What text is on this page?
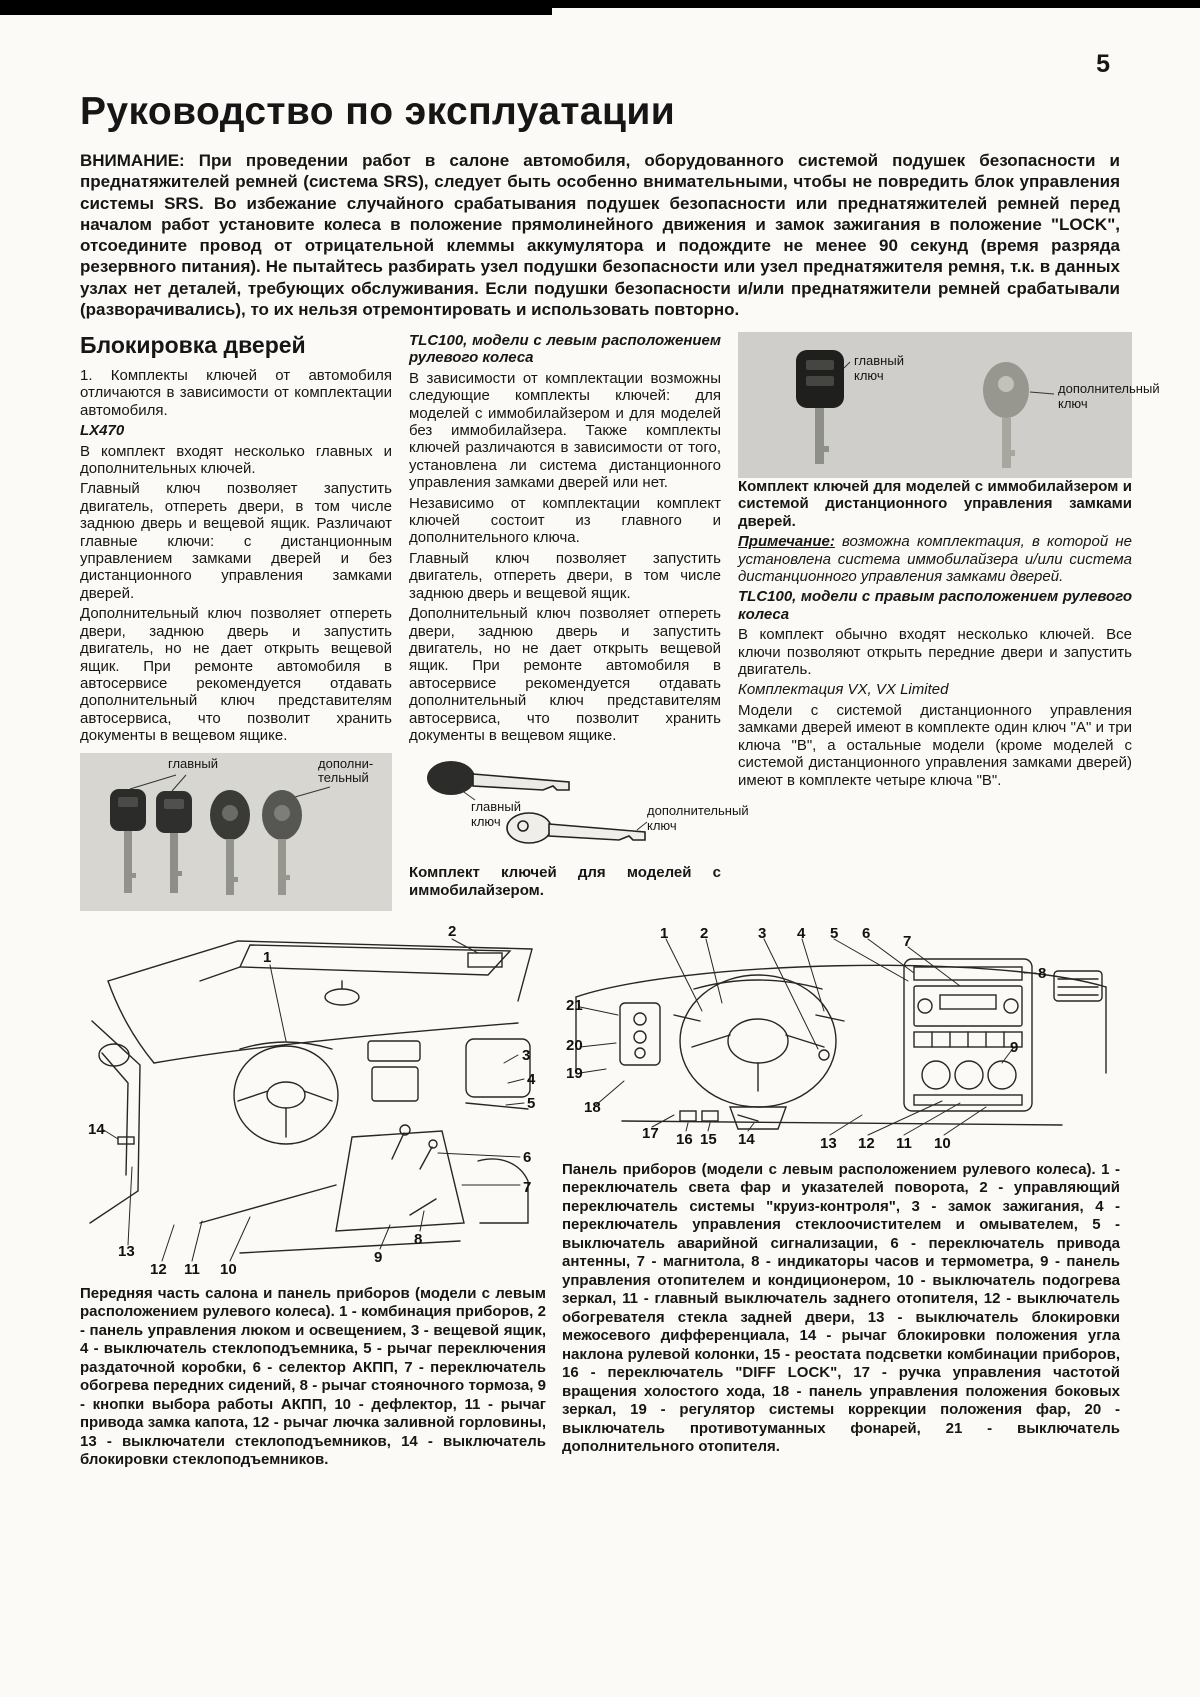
5
Руководство по эксплуатации

ВНИМАНИЕ: При проведении работ в салоне автомобиля, оборудованного системой подушек безопасности и преднатяжителей ремней (система SRS), следует быть особенно внимательными, чтобы не повредить блок управления системы SRS. Во избежание случайного срабатывания подушек безопасности или преднатяжителей ремней перед началом работ установите колеса в положение прямолинейного движения и замок зажигания в положение "LOCK", отсоедините провод от отрицательной клеммы аккумулятора и подождите не менее 90 секунд (время разряда резервного питания). Не пытайтесь разбирать узел подушки безопасности или узел преднатяжителя ремня, т.к. в данных узлах нет деталей, требующих обслуживания. Если подушки безопасности и/или преднатяжители ремней срабатывали (разворачивались), то их нельзя отремонтировать и использовать повторно.

Блокировка дверей

1. Комплекты ключей от автомобиля отличаются в зависимости от комплектации автомобиля.

LX470

В комплект входят несколько главных и дополнительных ключей.

Главный ключ позволяет запустить двигатель, отпереть двери, в том числе заднюю дверь и вещевой ящик. Различают главные ключи: с дистанционным управлением замками дверей и без дистанционного управления замками дверей.

Дополнительный ключ позволяет отпереть двери, заднюю дверь и запустить двигатель, но не дает открыть вещевой ящик. При ремонте автомобиля в автосервисе рекомендуется отдавать дополнительный ключ представителям автосервиса, что позволит хранить документы в вещевом ящике.

главный	дополни-тельный

TLC100, модели с левым расположением рулевого колеса

В зависимости от комплектации возможны следующие комплекты ключей: для моделей с иммобилайзером и для моделей без иммобилайзера. Также комплекты ключей различаются в зависимости от того, установлена ли система дистанционного управления замками дверей или нет.

Независимо от комплектации комплект ключей состоит из главного и дополнительного ключа.

Главный ключ позволяет запустить двигатель, отпереть двери, в том числе заднюю дверь и вещевой ящик.

Дополнительный ключ позволяет отпереть двери, заднюю дверь и запустить двигатель, но не дает открыть вещевой ящик. При ремонте автомобиля в автосервисе рекомендуется отдавать дополнительный ключ представителям автосервиса, что позволит хранить документы в вещевом ящике.

главный ключ
дополнительный ключ

Комплект ключей для моделей с иммобилайзером.

главный ключ
дополнительный ключ

Комплект ключей для моделей с иммобилайзером и системой дистанционного управления замками дверей.

Примечание: возможна комплектация, в которой не установлена система иммобилайзера и/или система дистанционного управления замками дверей.

TLC100, модели с правым расположением рулевого колеса

В комплект обычно входят несколько ключей. Все ключи позволяют открыть передние двери и запустить двигатель.

Комплектация VX, VX Limited

Модели с системой дистанционного управления замками дверей имеют в комплекте один ключ "А" и три ключа "В", а остальные модели (кроме моделей с системой дистанционного управления замками дверей) имеют в комплекте четыре ключа "В".

1
2
3
4
5
6
7
8
9
10
11
12
13
14
Передняя часть салона и панель приборов (модели с левым расположением рулевого колеса). 1 - комбинация приборов, 2 - панель управления люком и освещением, 3 - вещевой ящик, 4 - выключатель стеклоподъемника, 5 - рычаг переключения раздаточной коробки, 6 - селектор АКПП, 7 - переключатель обогрева передних сидений, 8 - рычаг стояночного тормоза, 9 - кнопки выбора работы АКПП, 10 - дефлектор, 11 - рычаг привода замка капота, 12 - рычаг лючка заливной горловины, 13 - выключатели стеклоподъемников, 14 - выключатель блокировки стеклоподъемников.
1 2	3 4 5 6 7
8
9
10
11
12
13
14
15
16
17
18
19
20
21
Панель приборов (модели с левым расположением рулевого колеса). 1 - переключатель света фар и указателей поворота, 2 - управляющий переключатель системы "круиз-контроля", 3 - замок зажигания, 4 - переключатель управления стеклоочистителем и омывателем, 5 - выключатель аварийной сигнализации, 6 - переключатель привода антенны, 7 - магнитола, 8 - индикаторы часов и термометра, 9 - панель управления отопителем и кондиционером, 10 - выключатель подогрева зеркал, 11 - главный выключатель заднего отопителя, 12 - выключатель обогревателя стекла задней двери, 13 - выключатель блокировки межосевого дифференциала, 14 - рычаг блокировки положения угла наклона рулевой колонки, 15 - реостата подсветки комбинации приборов, 16 - переключатель "DIFF LOCK", 17 - ручка управления частотой вращения холостого хода, 18 - панель управления положения боковых зеркал, 19 - регулятор системы коррекции положения фар, 20 - выключатель противотуманных фонарей, 21 - выключатель дополнительного отопителя.
